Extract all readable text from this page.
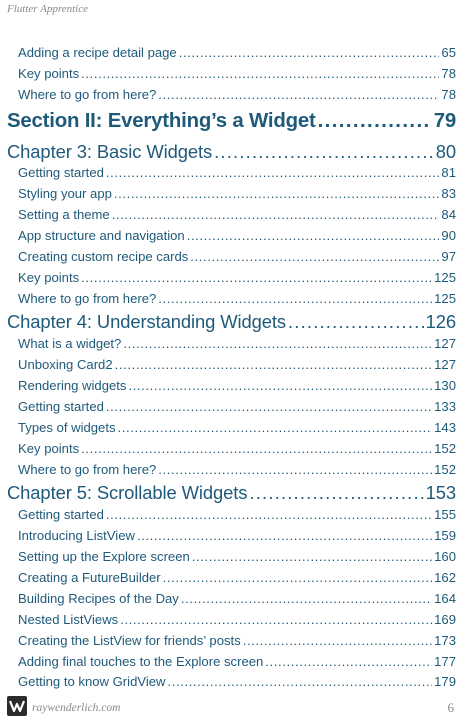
Flutter Apprentice
Adding a recipe detail page .....	65
Key points .....	78
Where to go from here? .....	78
Section II: Everything’s a Widget .....	79
Chapter 3: Basic Widgets .....	80
Getting started .....	81
Styling your app .....	83
Setting a theme .....	84
App structure and navigation .....	90
Creating custom recipe cards .....	97
Key points .....	125
Where to go from here? .....	125
Chapter 4: Understanding Widgets .....	126
What is a widget? .....	127
Unboxing Card2 .....	127
Rendering widgets .....	130
Getting started .....	133
Types of widgets .....	143
Key points .....	152
Where to go from here? .....	152
Chapter 5: Scrollable Widgets .....	153
Getting started .....	155
Introducing ListView .....	159
Setting up the Explore screen .....	160
Creating a FutureBuilder .....	162
Building Recipes of the Day .....	164
Nested ListViews .....	169
Creating the ListView for friends’ posts .....	173
Adding final touches to the Explore screen .....	177
Getting to know GridView .....	179
raywenderlich.com	6
